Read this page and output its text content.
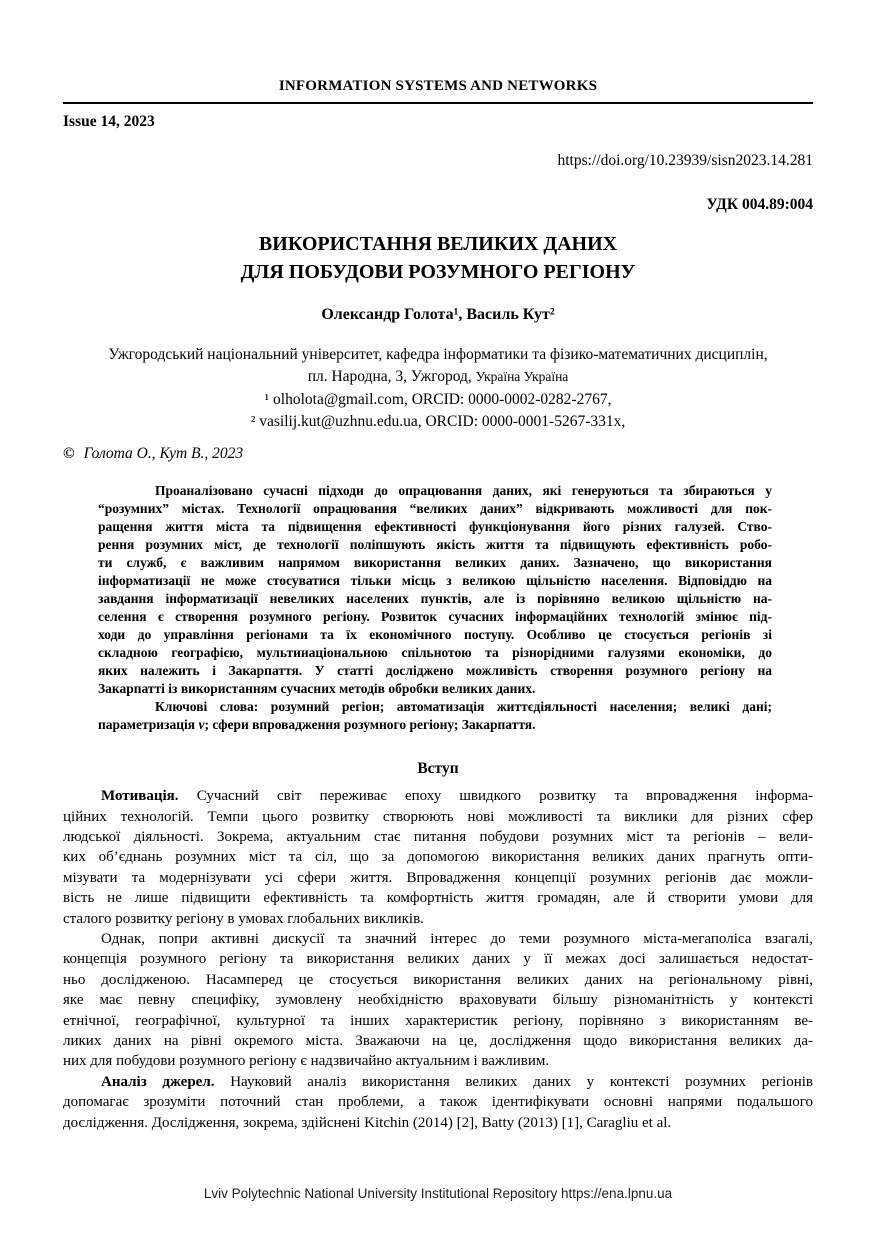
INFORMATION SYSTEMS AND NETWORKS
Issue 14, 2023
https://doi.org/10.23939/sisn2023.14.281
УДК 004.89:004
ВИКОРИСТАННЯ ВЕЛИКИХ ДАНИХ
ДЛЯ ПОБУДОВИ РОЗУМНОГО РЕГІОНУ
Олександр Голота¹, Василь Кут²
Ужгородський національний університет, кафедра інформатики та фізико-математичних дисциплін,
пл. Народна, 3, Ужгород, Україна Україна
¹ olholota@gmail.com, ORCID: 0000-0002-0282-2767,
² vasilij.kut@uzhnu.edu.ua, ORCID: 0000-0001-5267-331x,
© Голота О., Кут В., 2023
Проаналізовано сучасні підходи до опрацювання даних, які генеруються та збираються у
“розумних” містах. Технології опрацювання “великих даних” відкривають можливості для пок-
ращення життя міста та підвищення ефективності функціонування його різних галузей. Ство-
рення розумних міст, де технології поліпшують якість життя та підвищують ефективність робо-
ти служб, є важливим напрямом використання великих даних. Зазначено, що використання
інформатизації не може стосуватися тільки місць з великою щільністю населення. Відповіддю на
завдання інформатизації невеликих населених пунктів, але із порівняно великою щільністю на-
селення є створення розумного регіону. Розвиток сучасних інформаційних технологій змінює під-
ходи до управління регіонами та їх економічного поступу. Особливо це стосується регіонів зі
складною географією, мультинаціональною спільнотою та різнорідними галузями економіки, до
яких належить і Закарпаття. У статті досліджено можливість створення розумного регіону на
Закарпатті із використанням сучасних методів обробки великих даних.
Ключові слова: розумний регіон; автоматизація життєдіяльності населення; великі дані;
параметризація v; сфери впровадження розумного регіону; Закарпаття.
Вступ
Мотивація. Сучасний світ переживає епоху швидкого розвитку та впровадження інформа-
ційних технологій. Темпи цього розвитку створюють нові можливості та виклики для різних сфер
людської діяльності. Зокрема, актуальним стає питання побудови розумних міст та регіонів – вели-
ких об’єднань розумних міст та сіл, що за допомогою використання великих даних прагнуть опти-
мізувати та модернізувати усі сфери життя. Впровадження концепції розумних регіонів дає можли-
вість не лише підвищити ефективність та комфортність життя громадян, але й створити умови для
сталого розвитку регіону в умовах глобальних викликів.
Однак, попри активні дискусії та значний інтерес до теми розумного міста-мегаполіса взагалі,
концепція розумного регіону та використання великих даних у її межах досі залишається недостат-
ньо дослідженою. Насамперед це стосується використання великих даних на регіональному рівні,
яке має певну специфіку, зумовлену необхідністю враховувати більшу різноманітність у контексті
етнічної, географічної, культурної та інших характеристик регіону, порівняно з використанням ве-
ликих даних на рівні окремого міста. Зважаючи на це, дослідження щодо використання великих да-
них для побудови розумного регіону є надзвичайно актуальним і важливим.
Аналіз джерел. Науковий аналіз використання великих даних у контексті розумних регіонів
допомагає зрозуміти поточний стан проблеми, а також ідентифікувати основні напрями подальшого
дослідження. Дослідження, зокрема, здійснені Kitchin (2014) [2], Batty (2013) [1], Caragliu et al.
Lviv Polytechnic National University Institutional Repository https://ena.lpnu.ua
